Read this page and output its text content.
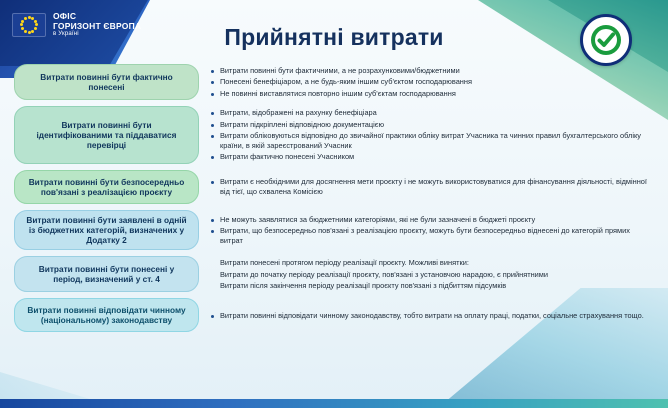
ОФІС
ГОРИЗОНТ ЄВРОПА
в Україні	Прийнятні витрати
Витрати повинні бути фактично понесені
Витрати повинні бути фактичними, а не розрахунковими/бюджетними
Понесені бенефіціаром, а не будь-яким іншим суб'єктом господарювання
Не повинні виставлятися повторно іншим суб'єктам господарювання
Витрати повинні бути ідентифікованими та піддаватися перевірці
Витрати, відображені на рахунку бенефіціара
Витрати підкріплені відповідною документацією
Витрати обліковуються відповідно до звичайної практики обліку витрат Учасника та чинних правил бухгалтерського обліку країни, в якій зареєстрований Учасник
Витрати фактично понесені Учасником
Витрати повинні бути безпосередньо пов'язані з реалізацією проєкту
Витрати є необхідними для досягнення мети проєкту і не можуть використовуватися для фінансування діяльності, відмінної від тієї, що схвалена Комісією
Витрати повинні бути заявлені в одній із бюджетних категорій, визначених у Додатку 2
Не можуть заявлятися за бюджетними категоріями, які не були зазначені в бюджеті проєкту
Витрати, що безпосередньо пов'язані з реалізацією проєкту, можуть бути безпосередньо віднесені до категорій прямих витрат
Витрати повинні бути понесені у період, визначений у ст. 4
Витрати понесені протягом періоду реалізації проєкту. Можливі винятки:
Витрати до початку періоду реалізації проєкту, пов'язані з установчою нарадою, є прийнятними
Витрати після закінчення періоду реалізації проєкту пов'язані з підбиттям підсумків
Витрати повинні відповідати чинному (національному) законодавству
Витрати повинні відповідати чинному законодавству, тобто витрати на оплату праці, податки, соціальне страхування тощо.
